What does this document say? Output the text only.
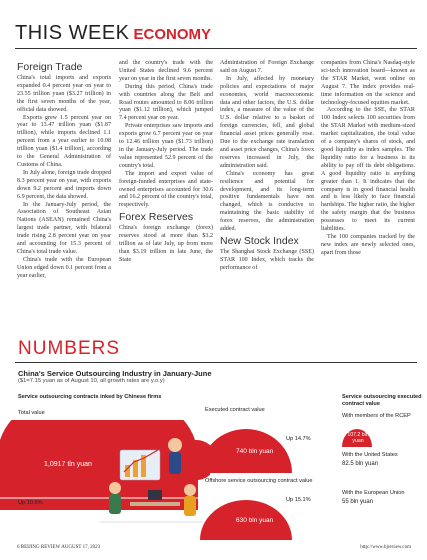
THIS WEEK ECONOMY
Foreign Trade

China's total imports and exports expanded 0.4 percent year on year to 23.55 trillion yuan ($3.27 trillion) in the first seven months of the year, official data showed.

Exports grew 1.5 percent year on year to 13.47 trillion yuan ($1.87 trillion), while imports declined 1.1 percent from a year earlier to 10.08 trillion yuan ($1.4 trillion), according to the General Administration of Customs of China.

In July alone, foreign trade dropped 8.3 percent year on year, with exports down 9.2 percent and imports down 6.9 percent, the data showed.

In the January-July period, the Association of Southeast Asian Nations (ASEAN) remained China's largest trade partner, with bilateral trade rising 2.8 percent year on year and accounting for 15.3 percent of China's total trade value.

China's trade with the European Union edged down 0.1 percent from a year earlier,

and the country's trade with the United States declined 9.6 percent year on year in the first seven months.

During this period, China's trade with countries along the Belt and Road routes amounted to 8.06 trillion yuan ($1.12 trillion), which jumped 7.4 percent year on year.

Private enterprises saw imports and exports grow 6.7 percent year on year to 12.46 trillion yuan ($1.73 trillion) in the January-July period. The trade value represented 52.9 percent of the country's total.

The import and export value of foreign-funded enterprises and state-owned enterprises accounted for 30.6 and 16.2 percent of the country's total, respectively.

Forex Reserves

China's foreign exchange (forex) reserves stood at more than $3.2 trillion as of late July, up from more than $3.19 trillion in late June, the State

Administration of Foreign Exchange said on August 7.

In July, affected by monetary policies and expectations of major economies, world macroeconomic data and other factors, the U.S. dollar index, a measure of the value of the U.S. dollar relative to a basket of foreign currencies, fell, and global financial asset prices generally rose. Due to the exchange rate translation and asset price changes, China's forex reserves increased in July, the administration said.

China's economy has great resilience and potential for development, and its long-term positive fundamentals have not changed, which is conducive to maintaining the basic stability of forex reserves, the administration added.

New Stock Index

The Shanghai Stock Exchange (SSE) STAR 100 Index, which tracks the performance of

companies from China's Nasdaq-style sci-tech innovation board—known as the STAR Market, went online on August 7. The index provides real-time information on the science and technology-focused equities market.

According to the SSE, the STAR 100 Index selects 100 securities from the STAR Market with medium-sized market capitalization, the total value of a company's shares of stock, and good liquidity as index samples. The liquidity ratio for a business is its ability to pay off its debt obligations. A good liquidity ratio is anything greater than 1. It indicates that the company is in good financial health and is less likely to face financial hardships. The higher ratio, the higher the safety margin that the business possesses to meet its current liabilities.

The 100 companies tracked by the new index are newly selected ones, apart from those

NUMBERS
China's Service Outsourcing Industry in January-June
($1=7.15 yuan as of August 10, all growth rates are y.o.y)
Service outsourcing contracts inked by Chinese firms
Total value
1,0917 tln yuan
Up 10.6%
Executed contract value
740 bln yuan
Up 14.7%
Offshore service outsourcing contract value
630 bln yuan
Up 15.1%
Service outsourcing executed contract value
With members of the RCEP
107.2 bln yuan
With the United States
82.5 bln yuan
With the European Union
55 bln yuan
6 BEIJING REVIEW AUGUST 17, 2023	http://www.bjreview.com
